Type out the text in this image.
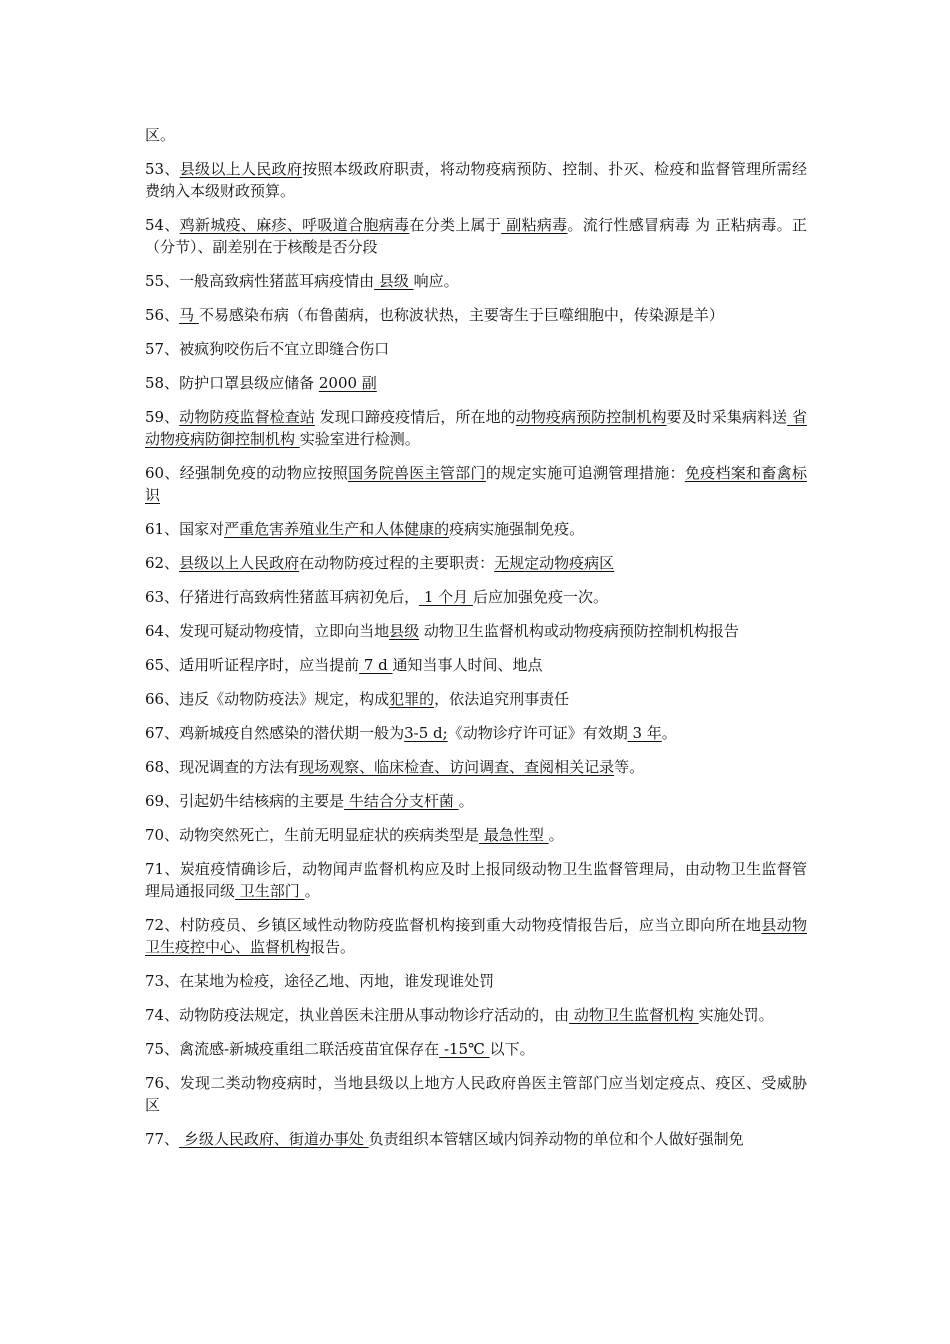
区。

53、县级以上人民政府按照本级政府职责，将动物疫病预防、控制、扑灭、检疫和监督管理所需经费纳入本级财政预算。

54、鸡新城疫、麻疹、呼吸道合胞病毒在分类上属于 副粘病毒。流行性感冒病毒 为 正粘病毒。正（分节）、副差别在于核酸是否分段

55、一般高致病性猪蓝耳病疫情由 县级 响应。

56、马 不易感染布病（布鲁菌病，也称波状热，主要寄生于巨噬细胞中，传染源是羊）

57、被疯狗咬伤后不宜立即缝合伤口

58、防护口罩县级应储备 2000 副

59、动物防疫监督检查站 发现口蹄疫疫情后，所在地的动物疫病预防控制机构要及时采集病料送 省动物疫病防御控制机构 实验室进行检测。

60、经强制免疫的动物应按照国务院兽医主管部门的规定实施可追溯管理措施：免疫档案和畜禽标识

61、国家对严重危害养殖业生产和人体健康的疫病实施强制免疫。

62、县级以上人民政府在动物防疫过程的主要职责：无规定动物疫病区

63、仔猪进行高致病性猪蓝耳病初免后， 1 个月 后应加强免疫一次。

64、发现可疑动物疫情，立即向当地县级 动物卫生监督机构或动物疫病预防控制机构报告

65、适用听证程序时，应当提前 7 d 通知当事人时间、地点

66、违反《动物防疫法》规定，构成犯罪的，依法追究刑事责任

67、鸡新城疫自然感染的潜伏期一般为3-5 d;《动物诊疗许可证》有效期 3 年。

68、现况调查的方法有现场观察、临床检查、访问调查、查阅相关记录等。

69、引起奶牛结核病的主要是 牛结合分支杆菌 。

70、动物突然死亡，生前无明显症状的疾病类型是 最急性型 。

71、炭疽疫情确诊后，动物闻声监督机构应及时上报同级动物卫生监督管理局，由动物卫生监督管理局通报同级 卫生部门 。

72、村防疫员、乡镇区域性动物防疫监督机构接到重大动物疫情报告后，应当立即向所在地县动物卫生疫控中心、监督机构报告。

73、在某地为检疫，途径乙地、丙地，谁发现谁处罚

74、动物防疫法规定，执业兽医未注册从事动物诊疗活动的，由 动物卫生监督机构 实施处罚。

75、禽流感-新城疫重组二联活疫苗宜保存在 -15℃ 以下。

76、发现二类动物疫病时，当地县级以上地方人民政府兽医主管部门应当划定疫点、疫区、受威胁区

77、 乡级人民政府、街道办事处 负责组织本管辖区域内饲养动物的单位和个人做好强制免
